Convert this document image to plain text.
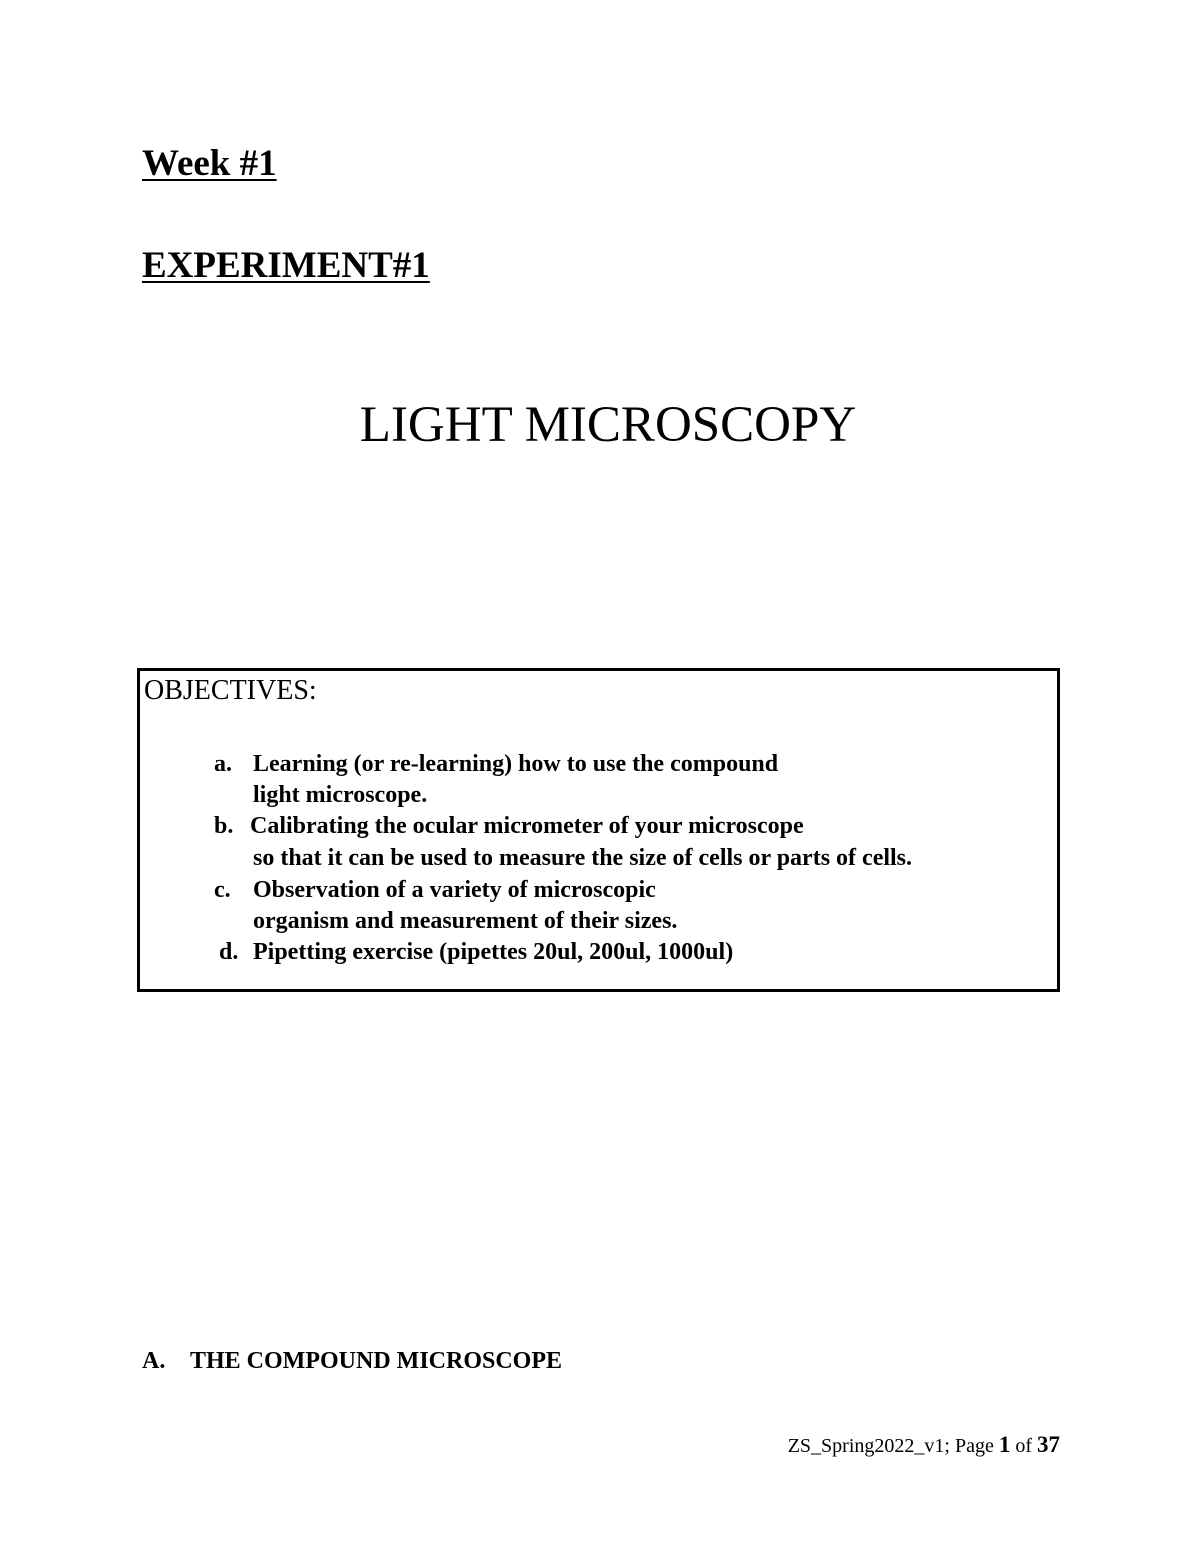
Week #1
EXPERIMENT#1
LIGHT MICROSCOPY
OBJECTIVES:
a. Learning (or re-learning) how to use the compound
light microscope.
b. Calibrating the ocular micrometer of your microscope
so that it can be used to measure the size of cells or parts of cells.
c. Observation of a variety of microscopic
organism and measurement of their sizes.
d. Pipetting exercise (pipettes 20ul, 200ul, 1000ul)
A. THE COMPOUND MICROSCOPE
ZS_Spring2022_v1; Page 1 of 37
